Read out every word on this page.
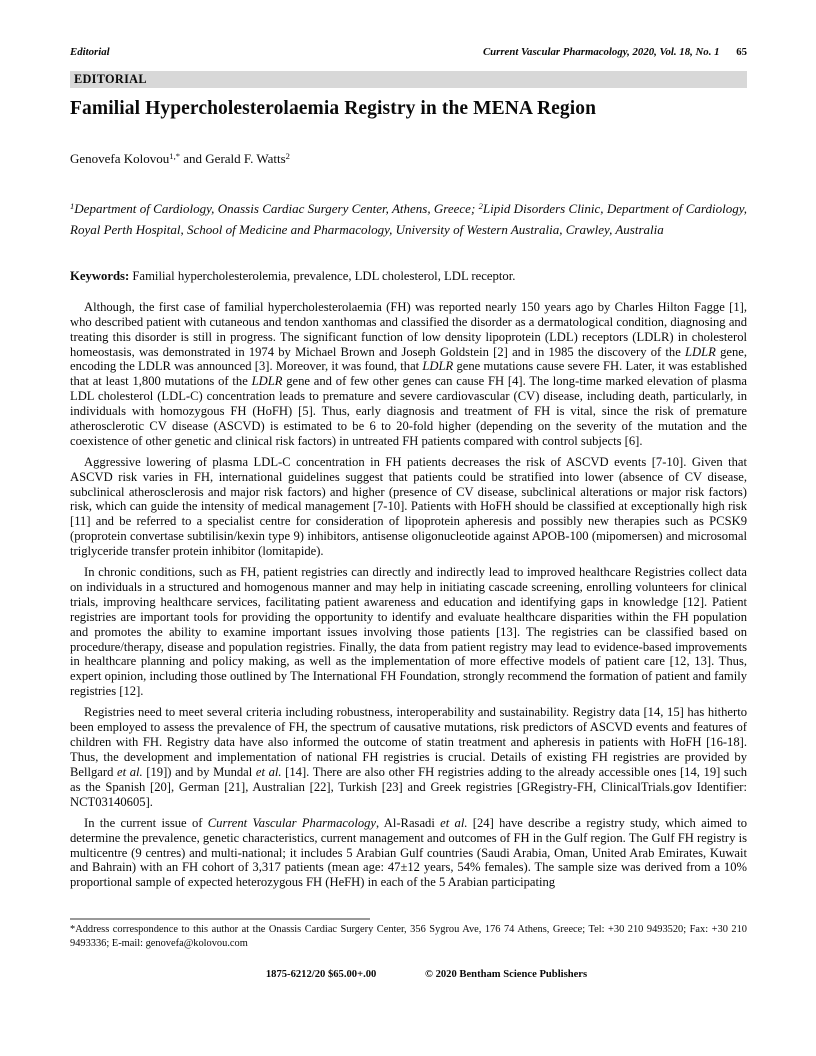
Editorial	Current Vascular Pharmacology, 2020, Vol. 18, No. 1 65
EDITORIAL
Familial Hypercholesterolaemia Registry in the MENA Region
Genovefa Kolovou$^{1,*}$ and Gerald F. Watts$^2$
$^1$Department of Cardiology, Onassis Cardiac Surgery Center, Athens, Greece; $^2$Lipid Disorders Clinic, Department of Cardiology, Royal Perth Hospital, School of Medicine and Pharmacology, University of Western Australia, Crawley, Australia
Keywords: Familial hypercholesterolemia, prevalence, LDL cholesterol, LDL receptor.

Although, the first case of familial hypercholesterolaemia (FH) was reported nearly 150 years ago by Charles Hilton Fagge [1], who described patient with cutaneous and tendon xanthomas and classified the disorder as a dermatological condition, diagnosing and treating this disorder is still in progress. The significant function of low density lipoprotein (LDL) receptors (LDLR) in cholesterol homeostasis, was demonstrated in 1974 by Michael Brown and Joseph Goldstein [2] and in 1985 the discovery of the LDLR gene, encoding the LDLR was announced [3]. Moreover, it was found, that LDLR gene mutations cause severe FH. Later, it was established that at least 1,800 mutations of the LDLR gene and of few other genes can cause FH [4]. The long-time marked elevation of plasma LDL cholesterol (LDL-C) concentration leads to premature and severe cardiovascular (CV) disease, including death, particularly, in individuals with homozygous FH (HoFH) [5]. Thus, early diagnosis and treatment of FH is vital, since the risk of premature atherosclerotic CV disease (ASCVD) is estimated to be 6 to 20-fold higher (depending on the severity of the mutation and the coexistence of other genetic and clinical risk factors) in untreated FH patients compared with control subjects [6].

Aggressive lowering of plasma LDL-C concentration in FH patients decreases the risk of ASCVD events [7-10]. Given that ASCVD risk varies in FH, international guidelines suggest that patients could be stratified into lower (absence of CV disease, subclinical atherosclerosis and major risk factors) and higher (presence of CV disease, subclinical alterations or major risk factors) risk, which can guide the intensity of medical management [7-10]. Patients with HoFH should be classified at exceptionally high risk [11] and be referred to a specialist centre for consideration of lipoprotein apheresis and possibly new therapies such as PCSK9 (proprotein convertase subtilisin/kexin type 9) inhibitors, antisense oligonucleotide against APOB-100 (mipomersen) and microsomal triglyceride transfer protein inhibitor (lomitapide).

In chronic conditions, such as FH, patient registries can directly and indirectly lead to improved healthcare Registries collect data on individuals in a structured and homogenous manner and may help in initiating cascade screening, enrolling volunteers for clinical trials, improving healthcare services, facilitating patient awareness and education and identifying gaps in knowledge [12]. Patient registries are important tools for providing the opportunity to identify and evaluate healthcare disparities within the FH population and promotes the ability to examine important issues involving those patients [13]. The registries can be classified based on procedure/therapy, disease and population registries. Finally, the data from patient registry may lead to evidence-based improvements in healthcare planning and policy making, as well as the implementation of more effective models of patient care [12, 13]. Thus, expert opinion, including those outlined by The International FH Foundation, strongly recommend the formation of patient and family registries [12].

Registries need to meet several criteria including robustness, interoperability and sustainability. Registry data [14, 15] has hitherto been employed to assess the prevalence of FH, the spectrum of causative mutations, risk predictors of ASCVD events and features of children with FH. Registry data have also informed the outcome of statin treatment and apheresis in patients with HoFH [16-18]. Thus, the development and implementation of national FH registries is crucial. Details of existing FH registries are provided by Bellgard et al. [19]) and by Mundal et al. [14]. There are also other FH registries adding to the already accessible ones [14, 19] such as the Spanish [20], German [21], Australian [22], Turkish [23] and Greek registries [GRegistry-FH, ClinicalTrials.gov Identifier: NCT03140605].

In the current issue of Current Vascular Pharmacology, Al-Rasadi et al. [24] have describe a registry study, which aimed to determine the prevalence, genetic characteristics, current management and outcomes of FH in the Gulf region. The Gulf FH registry is multicentre (9 centres) and multi-national; it includes 5 Arabian Gulf countries (Saudi Arabia, Oman, United Arab Emirates, Kuwait and Bahrain) with an FH cohort of 3,317 patients (mean age: 47±12 years, 54% females). The sample size was derived from a 10% proportional sample of expected heterozygous FH (HeFH) in each of the 5 Arabian participating

*Address correspondence to this author at the Onassis Cardiac Surgery Center, 356 Sygrou Ave, 176 74 Athens, Greece; Tel: +30 210 9493520; Fax: +30 210 9493336; E-mail: genovefa@kolovou.com
1875-6212/20 $65.00+.00	© 2020 Bentham Science Publishers
